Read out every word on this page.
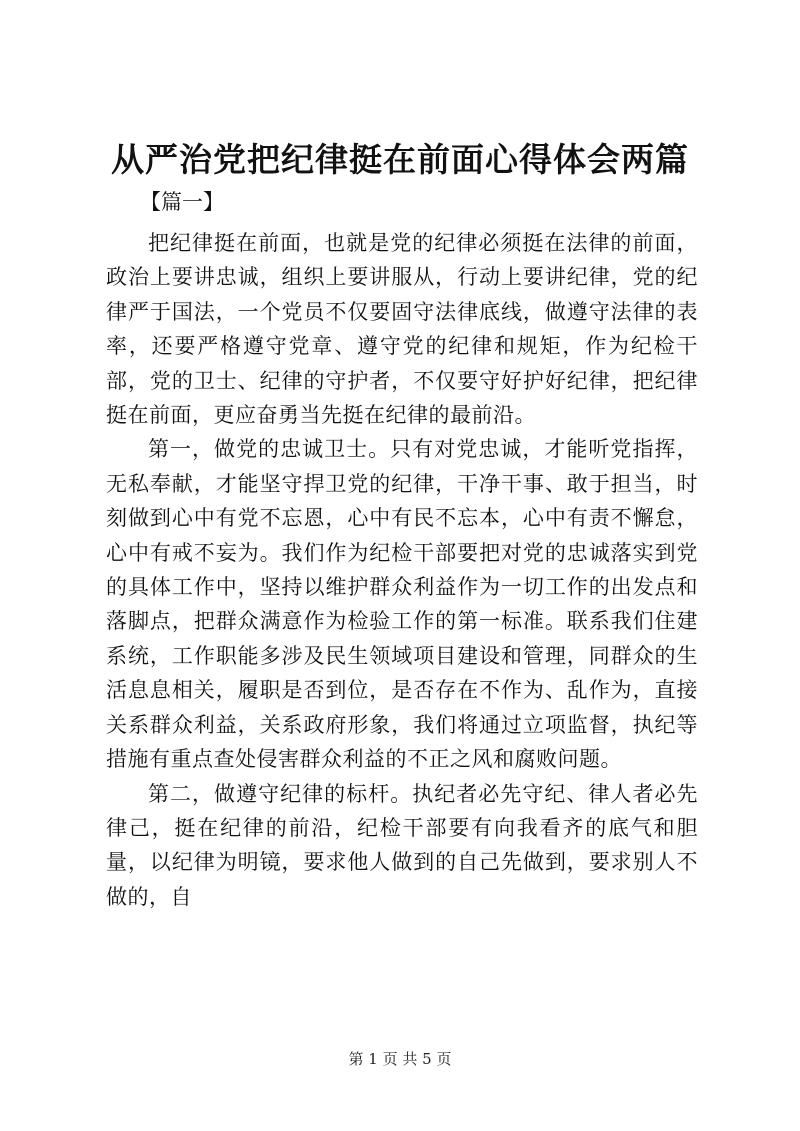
从严治党把纪律挺在前面心得体会两篇

【篇一】

把纪律挺在前面，也就是党的纪律必须挺在法律的前面，政治上要讲忠诚，组织上要讲服从，行动上要讲纪律，党的纪律严于国法，一个党员不仅要固守法律底线，做遵守法律的表率，还要严格遵守党章、遵守党的纪律和规矩，作为纪检干部，党的卫士、纪律的守护者，不仅要守好护好纪律，把纪律挺在前面，更应奋勇当先挺在纪律的最前沿。

第一，做党的忠诚卫士。只有对党忠诚，才能听党指挥，无私奉献，才能坚守捍卫党的纪律，干净干事、敢于担当，时刻做到心中有党不忘恩，心中有民不忘本，心中有责不懈怠，心中有戒不妄为。我们作为纪检干部要把对党的忠诚落实到党的具体工作中，坚持以维护群众利益作为一切工作的出发点和落脚点，把群众满意作为检验工作的第一标准。联系我们住建系统，工作职能多涉及民生领域项目建设和管理，同群众的生活息息相关，履职是否到位，是否存在不作为、乱作为，直接关系群众利益，关系政府形象，我们将通过立项监督，执纪等措施有重点查处侵害群众利益的不正之风和腐败问题。

第二，做遵守纪律的标杆。执纪者必先守纪、律人者必先律己，挺在纪律的前沿，纪检干部要有向我看齐的底气和胆量，以纪律为明镜，要求他人做到的自己先做到，要求别人不做的，自

第 1 页 共 5 页
